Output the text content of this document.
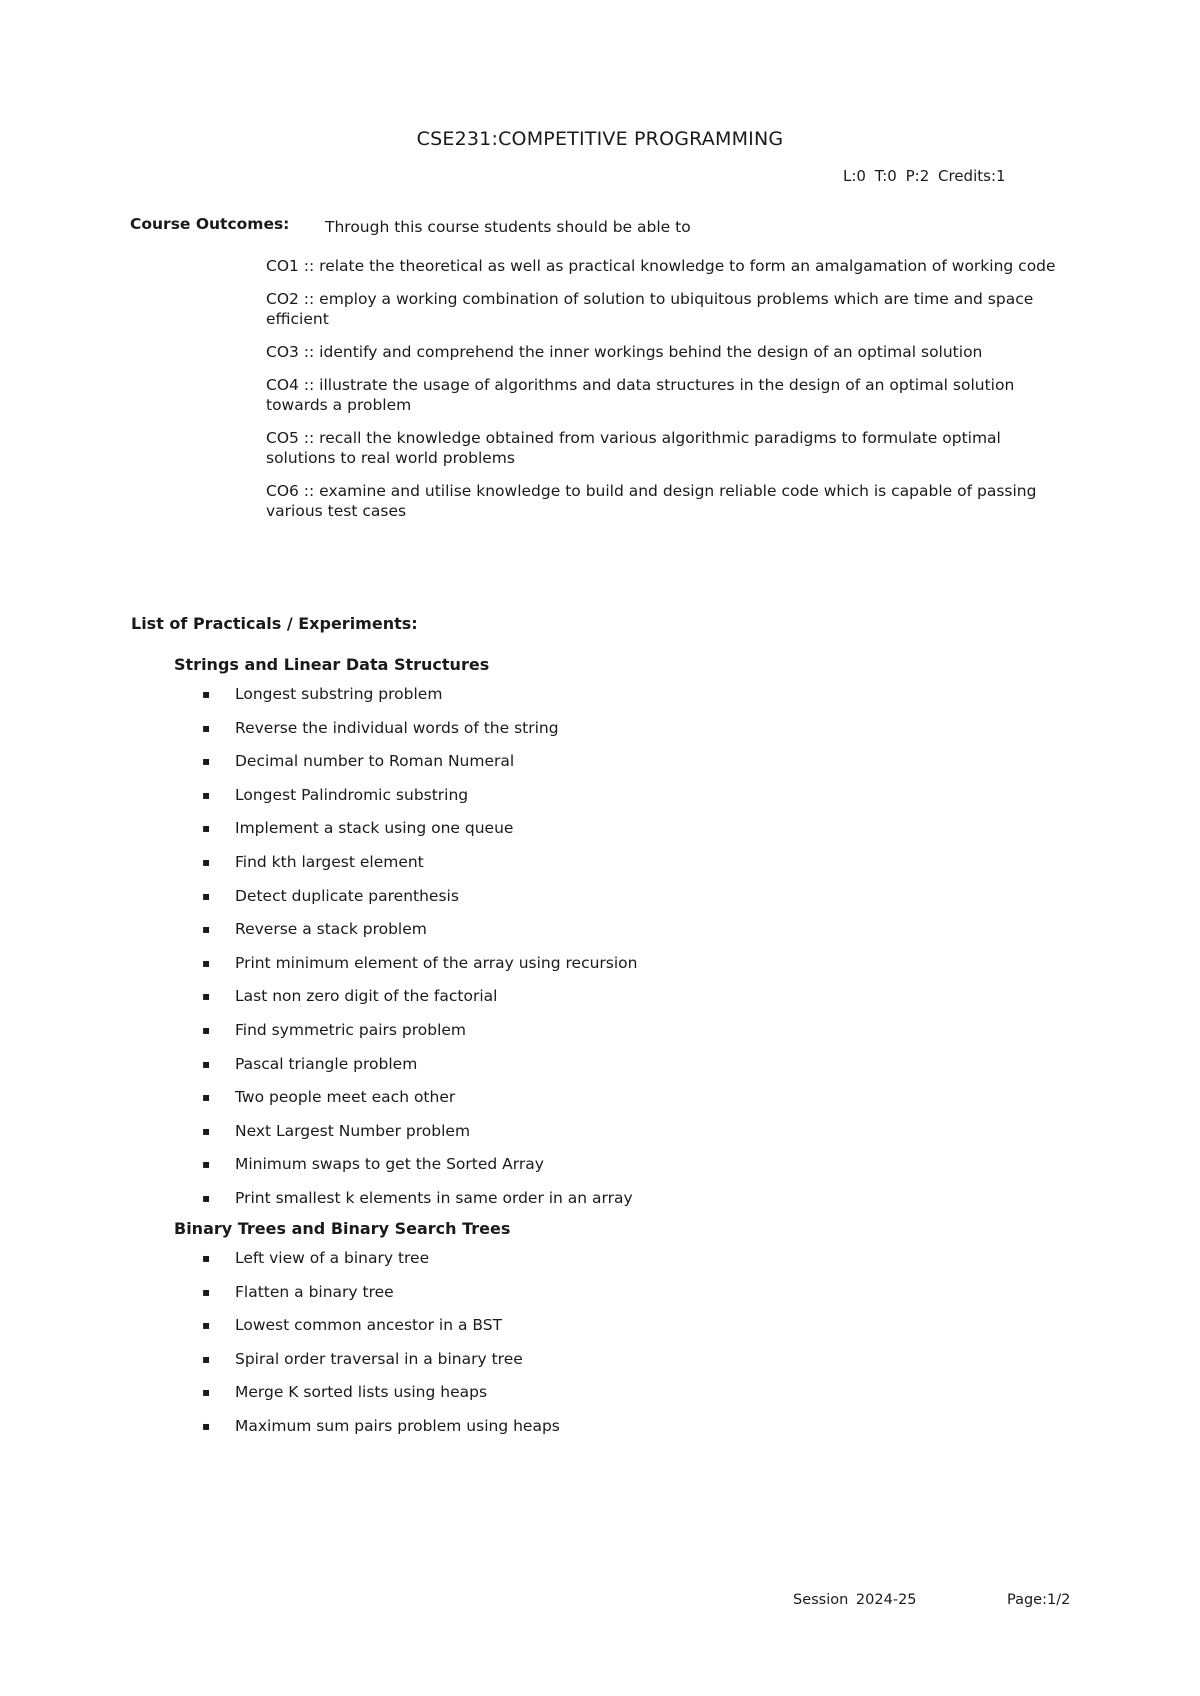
CSE231:COMPETITIVE PROGRAMMING
L:0 T:0 P:2 Credits:1
Course Outcomes: Through this course students should be able to
CO1 :: relate the theoretical as well as practical knowledge to form an amalgamation of working code
CO2 :: employ a working combination of solution to ubiquitous problems which are time and space efficient
CO3 :: identify and comprehend the inner workings behind the design of an optimal solution
CO4 :: illustrate the usage of algorithms and data structures in the design of an optimal solution towards a problem
CO5 :: recall the knowledge obtained from various algorithmic paradigms to formulate optimal solutions to real world problems
CO6 :: examine and utilise knowledge to build and design reliable code which is capable of passing various test cases
List of Practicals / Experiments:
Strings and Linear Data Structures
▪ Longest substring problem
▪ Reverse the individual words of the string
▪ Decimal number to Roman Numeral
▪ Longest Palindromic substring
▪ Implement a stack using one queue
▪ Find kth largest element
▪ Detect duplicate parenthesis
▪ Reverse a stack problem
▪ Print minimum element of the array using recursion
▪ Last non zero digit of the factorial
▪ Find symmetric pairs problem
▪ Pascal triangle problem
▪ Two people meet each other
▪ Next Largest Number problem
▪ Minimum swaps to get the Sorted Array
▪ Print smallest k elements in same order in an array
Binary Trees and Binary Search Trees
▪ Left view of a binary tree
▪ Flatten a binary tree
▪ Lowest common ancestor in a BST
▪ Spiral order traversal in a binary tree
▪ Merge K sorted lists using heaps
▪ Maximum sum pairs problem using heaps
Session 2024-25	Page:1/2
